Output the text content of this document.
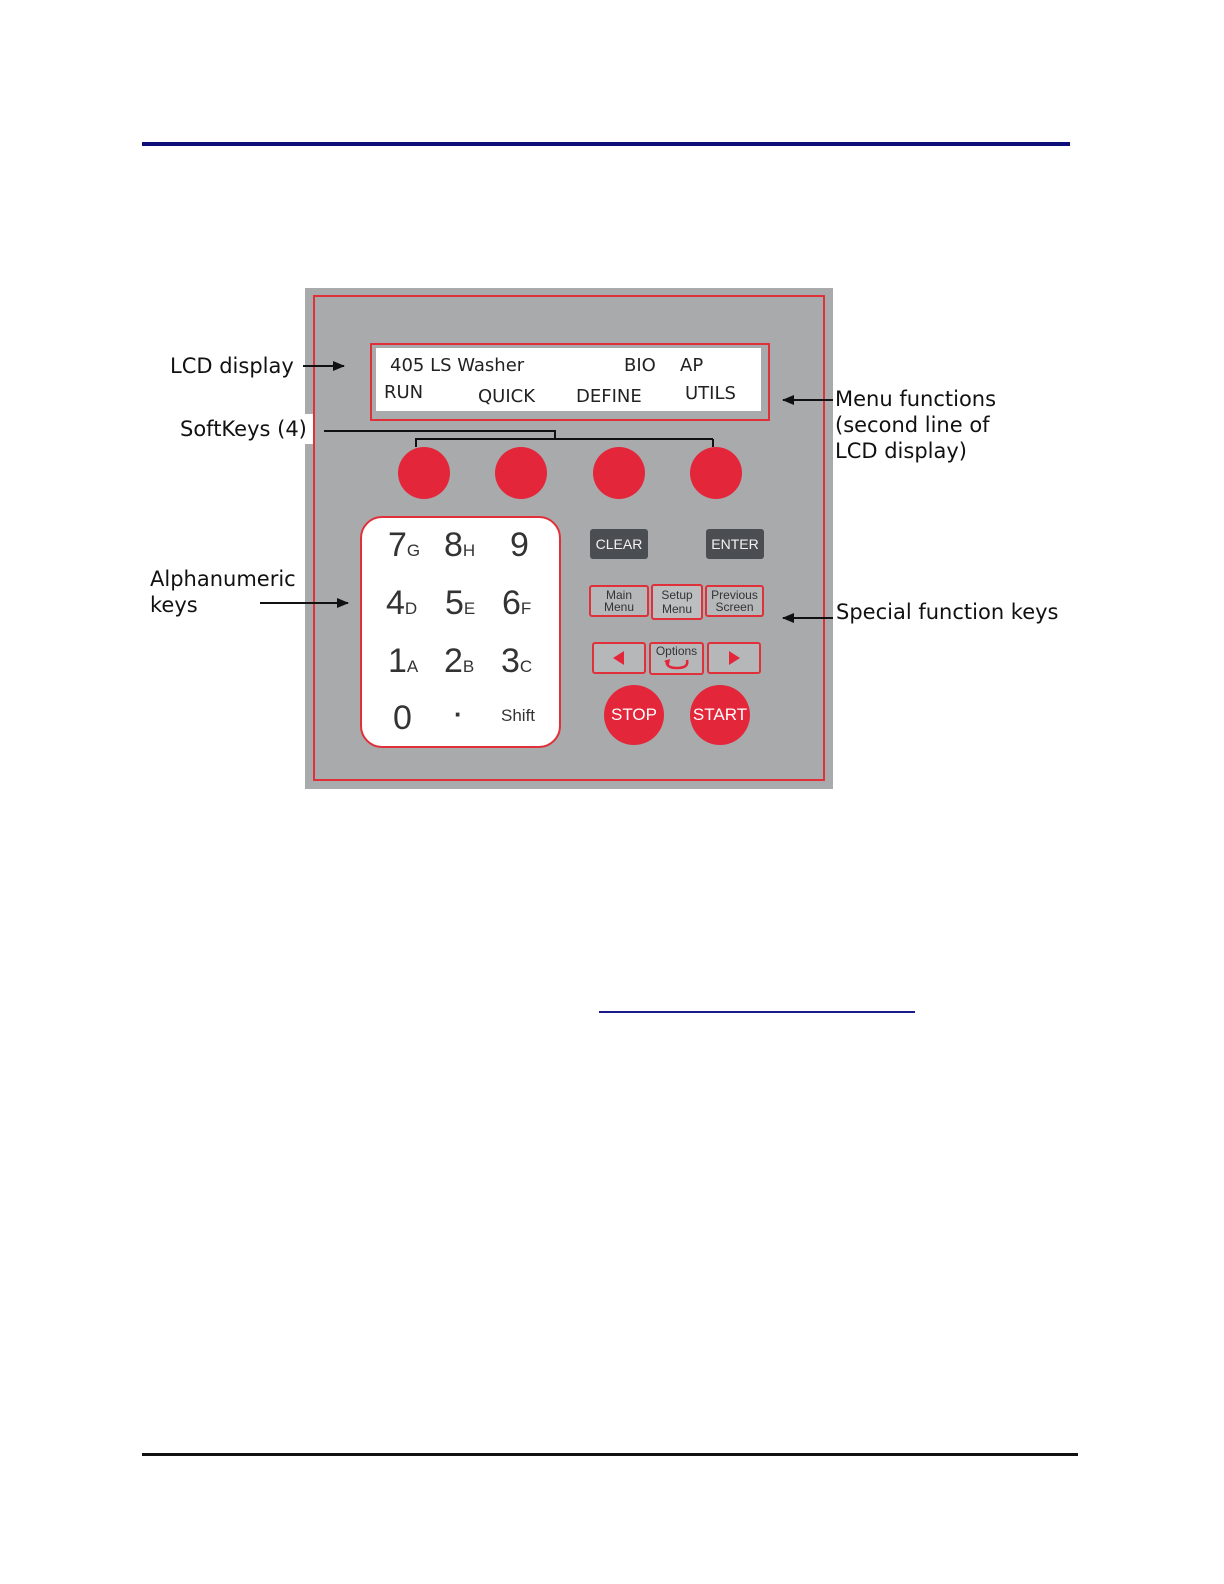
405 LS Washer	BIO AP
RUN	QUICK DEFINE UTILS
7G 8H 9
4D 5E 6F
1A 2B 3C
0 · Shift
CLEAR	ENTER
Main
Menu
Setup
Menu
Previous
Screen
Options
STOP	START
LCD display
SoftKeys (4)
Alphanumeric
keys
Menu functions
(second line of
LCD display)
Special function keys
